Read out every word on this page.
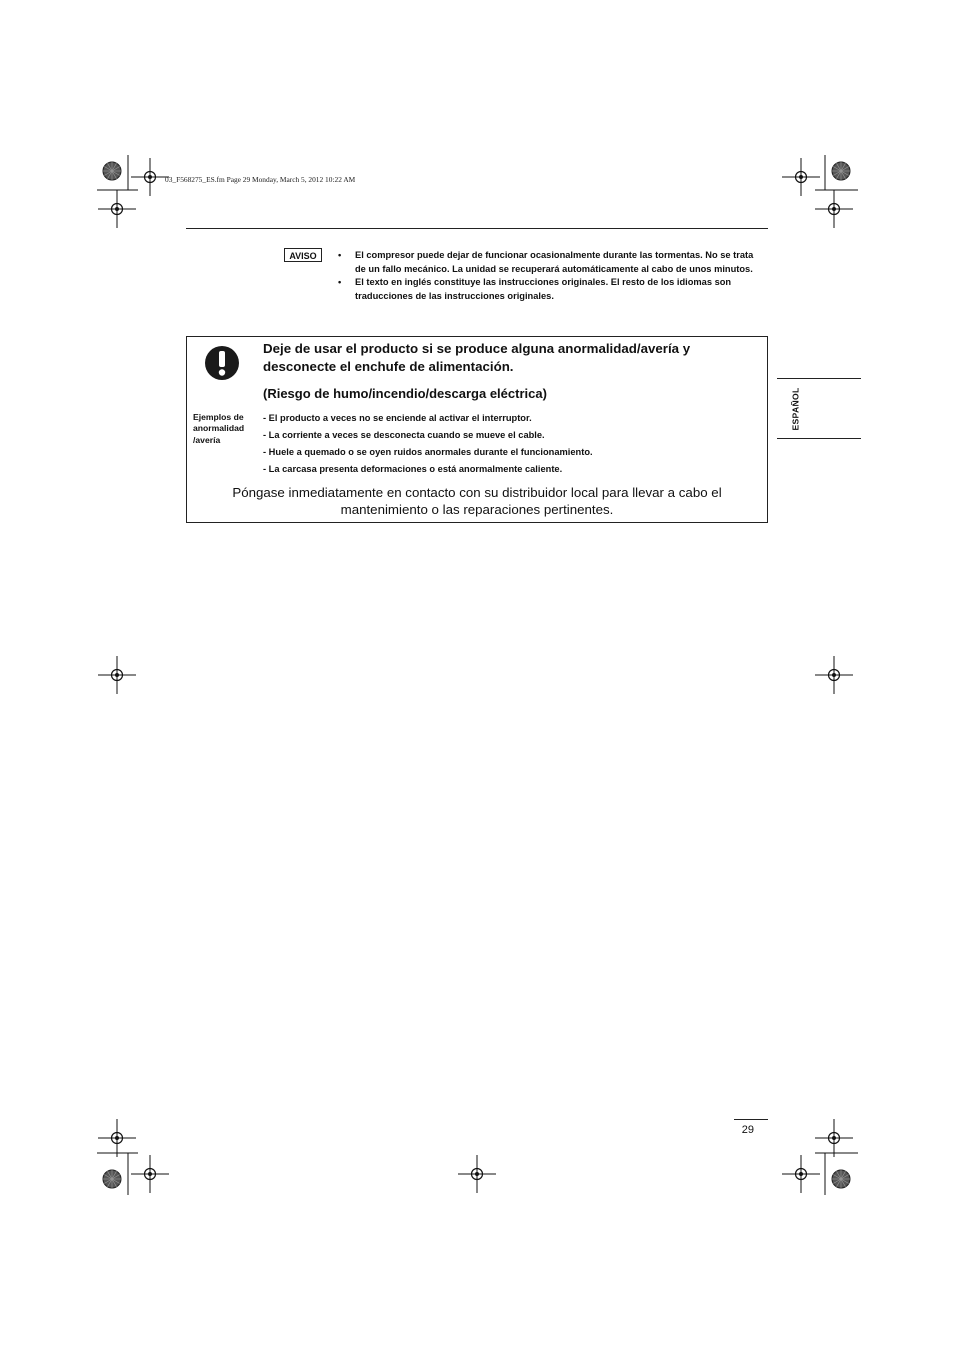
03_F568275_ES.fm Page 29 Monday, March 5, 2012 10:22 AM
AVISO	• El compresor puede dejar de funcionar ocasionalmente durante las tormentas. No se trata de un fallo mecánico. La unidad se recuperará automáticamente al cabo de unos minutos.
• El texto en inglés constituye las instrucciones originales. El resto de los idiomas son traducciones de las instrucciones originales.
Deje de usar el producto si se produce alguna anormalidad/avería y desconecte el enchufe de alimentación.
(Riesgo de humo/incendio/descarga eléctrica)
Ejemplos de anormalidad /avería
- El producto a veces no se enciende al activar el interruptor.
- La corriente a veces se desconecta cuando se mueve el cable.
- Huele a quemado o se oyen ruidos anormales durante el funcionamiento.
- La carcasa presenta deformaciones o está anormalmente caliente.
Póngase inmediatamente en contacto con su distribuidor local para llevar a cabo el mantenimiento o las reparaciones pertinentes.
ESPAÑOL
29
